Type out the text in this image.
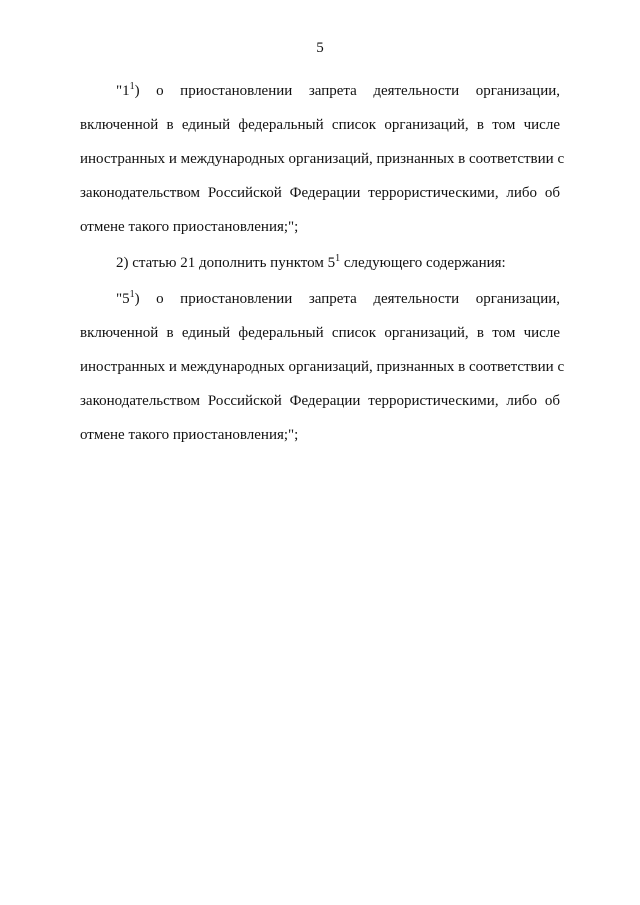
5
"$1^1$) о приостановлении запрета деятельности организации,
включенной в единый федеральный список организаций, в том числе
иностранных и международных организаций, признанных в соответствии с
законодательством Российской Федерации террористическими, либо об
отмене такого приостановления;";
2) статью 21 дополнить пунктом $5^1$ следующего содержания:
"$5^1$) о приостановлении запрета деятельности организации,
включенной в единый федеральный список организаций, в том числе
иностранных и международных организаций, признанных в соответствии с
законодательством Российской Федерации террористическими, либо об
отмене такого приостановления;";
